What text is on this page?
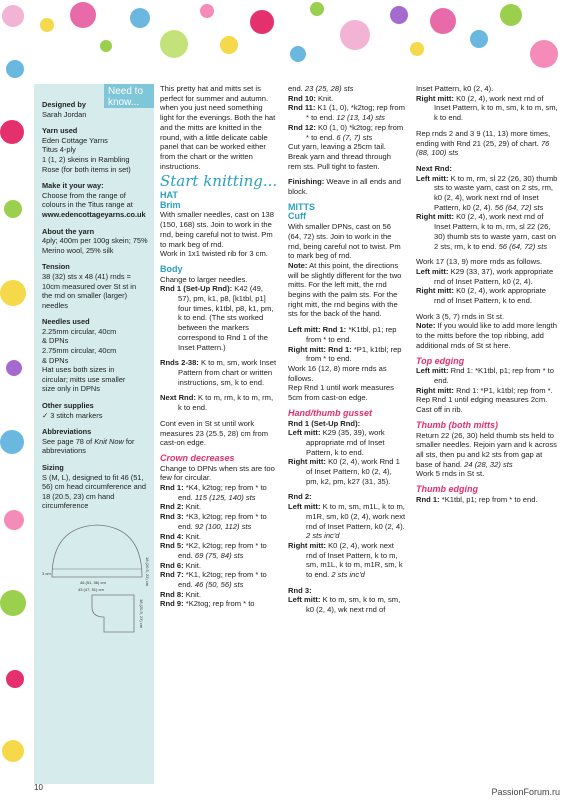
Need to know...
Designed by

Sarah Jordan

Yarn used

Eden Cottage Yarns

Titus 4-ply

1 (1, 2) skeins in Rambling

Rose (for both items in set)

Make it your way:

Choose from the range of colours in the Titus range at

www.edencottageyarns.co.uk

About the yarn

4ply; 400m per 100g skein; 75% Merino wool, 25% silk

Tension

38 (32) sts x 48 (41) rnds = 10cm measured over St st in the rnd on smaller (larger) needles

Needles used

2.25mm circular, 40cm

& DPNs

2.75mm circular, 40cm

& DPNs

Hat uses both sizes in

circular; mitts use smaller

size only in DPNs

Other supplies

✓ 3 stitch markers

Abbreviations

See page 78 of Knit Now for abbreviations

Sizing

S (M, L), designed to fit 46 (51, 56) cm head circumference and 18 (20.5, 23) cm hand circumference

18 (20.5, 22) cm
3 cm
46 (51, 56) cm
43 (47, 51) cm
18 (20.5, 23) cm

This pretty hat and mitts set is perfect for summer and autumn. when you just need something light for the evenings. Both the hat and the mitts are knitted in the round, with a little delicate cable panel that can be worked either from the chart or the written instructions.

Start knitting...
HAT
Brim

With smaller needles, cast on 138 (150, 168) sts. Join to work in the rnd, being careful not to twist. Pm to mark beg of rnd.
Work in 1x1 twisted rib for 3 cm.

Body

Change to larger needles.

Rnd 1 (Set-Up Rnd): K42 (49, 57), pm, k1, p8, [k1tbl, p1] four times, k1tbl, p8, k1, pm, k to end. (The sts worked between the markers correspond to Rnd 1 of the Inset Pattern.)

Rnds 2-38: K to m, sm, work Inset Pattern from chart or written instructions, sm, k to end.

Next Rnd: K to m, rm, k to m, rm, k to end.

Cont even in St st until work measures 23 (25.5, 28) cm from cast-on edge.

Crown decreases

Change to DPNs when sts are too few for circular.

Rnd 1: *K4, k2tog; rep from * to end. 115 (125, 140) sts

Rnd 2: Knit.

Rnd 3: *K3, k2tog; rep from * to end. 92 (100, 112) sts

Rnd 4: Knit.

Rnd 5: *K2, k2tog; rep from * to end. 69 (75, 84) sts

Rnd 6: Knit.

Rnd 7: *K1, k2tog; rep from * to end. 46 (50, 56) sts

Rnd 8: Knit.

Rnd 9: *K2tog; rep from * to

end. 23 (25, 28) sts

Rnd 10: Knit.

Rnd 11: K1 (1, 0), *k2tog; rep from * to end. 12 (13, 14) sts

Rnd 12: K0 (1, 0) *k2tog; rep from * to end. 6 (7, 7) sts

Cut yarn, leaving a 25cm tail. Break yarn and thread through rem sts. Pull tight to fasten.

Finishing: Weave in all ends and block.

MITTS
Cuff

With smaller DPNs, cast on 56 (64, 72) sts. Join to work in the rnd, being careful not to twist. Pm to mark beg of rnd.
Note: At this point, the directions will be slightly different for the two mitts. For the left mitt, the rnd begins with the palm sts. For the right mitt, the rnd begins with the sts for the back of the hand.

Left mitt: Rnd 1: *K1tbl, p1; rep from * to end.

Right mitt: Rnd 1: *P1, k1tbl; rep from * to end.

Work 16 (12, 8) more rnds as follows.

Rep Rnd 1 until work measures 5cm from cast-on edge.

Hand/thumb gusset

Rnd 1 (Set-Up Rnd):

Left mitt: K29 (35, 39), work appropriate rnd of Inset Pattern, k to end.

Right mitt: K0 (2, 4), work Rnd 1 of Inset Pattern, k0 (2, 4), pm, k2, pm, k27 (31, 35).

Rnd 2:

Left mitt: K to m, sm, m1L, k to m, m1R, sm, k0 (2, 4), work next rnd of Inset Pattern, k0 (2, 4). 2 sts inc'd

Right mitt: K0 (2, 4), work next rnd of Inset Pattern, k to m, sm, m1L, k to m, m1R, sm, k to end. 2 sts inc'd

Rnd 3:

Left mitt: K to m, sm, k to m, sm, k0 (2, 4), wk next rnd of

Inset Pattern, k0 (2, 4).

Right mitt: K0 (2, 4), work next rnd of Inset Pattern, k to m, sm, k to m, sm, k to end.

Rep rnds 2 and 3 9 (11, 13) more times, ending with Rnd 21 (25, 29) of chart. 76 (88, 100) sts

Next Rnd:

Left mitt: K to m, rm, sl 22 (26, 30) thumb sts to waste yarn, cast on 2 sts, rm, k0 (2, 4), work next rnd of Inset Pattern, k0 (2, 4). 56 (64, 72) sts

Right mitt: K0 (2, 4), work next rnd of Inset Pattern, k to m, rm, sl 22 (26, 30) thumb sts to waste yarn, cast on 2 sts, rm, k to end. 56 (64, 72) sts

Work 17 (13, 9) more rnds as follows.

Left mitt: K29 (33, 37), work appropriate rnd of Inset Pattern, k0 (2, 4).

Right mitt: K0 (2, 4), work appropriate rnd of Inset Pattern, k to end.

Work 3 (5, 7) rnds in St st.
Note: If you would like to add more length to the mitts before the top ribbing, add additional rnds of St st here.

Top edging

Left mitt: Rnd 1: *K1tbl, p1; rep from * to end.

Right mitt: Rnd 1: *P1, k1tbl; rep from *.

Rep Rnd 1 until edging measures 2cm. Cast off in rib.

Thumb (both mitts)

Return 22 (26, 30) held thumb sts held to smaller needles. Rejoin yarn and k across all sts, then pu and k2 sts from gap at base of hand. 24 (28, 32) sts
Work 5 rnds in St st.

Thumb edging

Rnd 1: *K1tbl, p1; rep from * to end.

10	PassionForum.ru
